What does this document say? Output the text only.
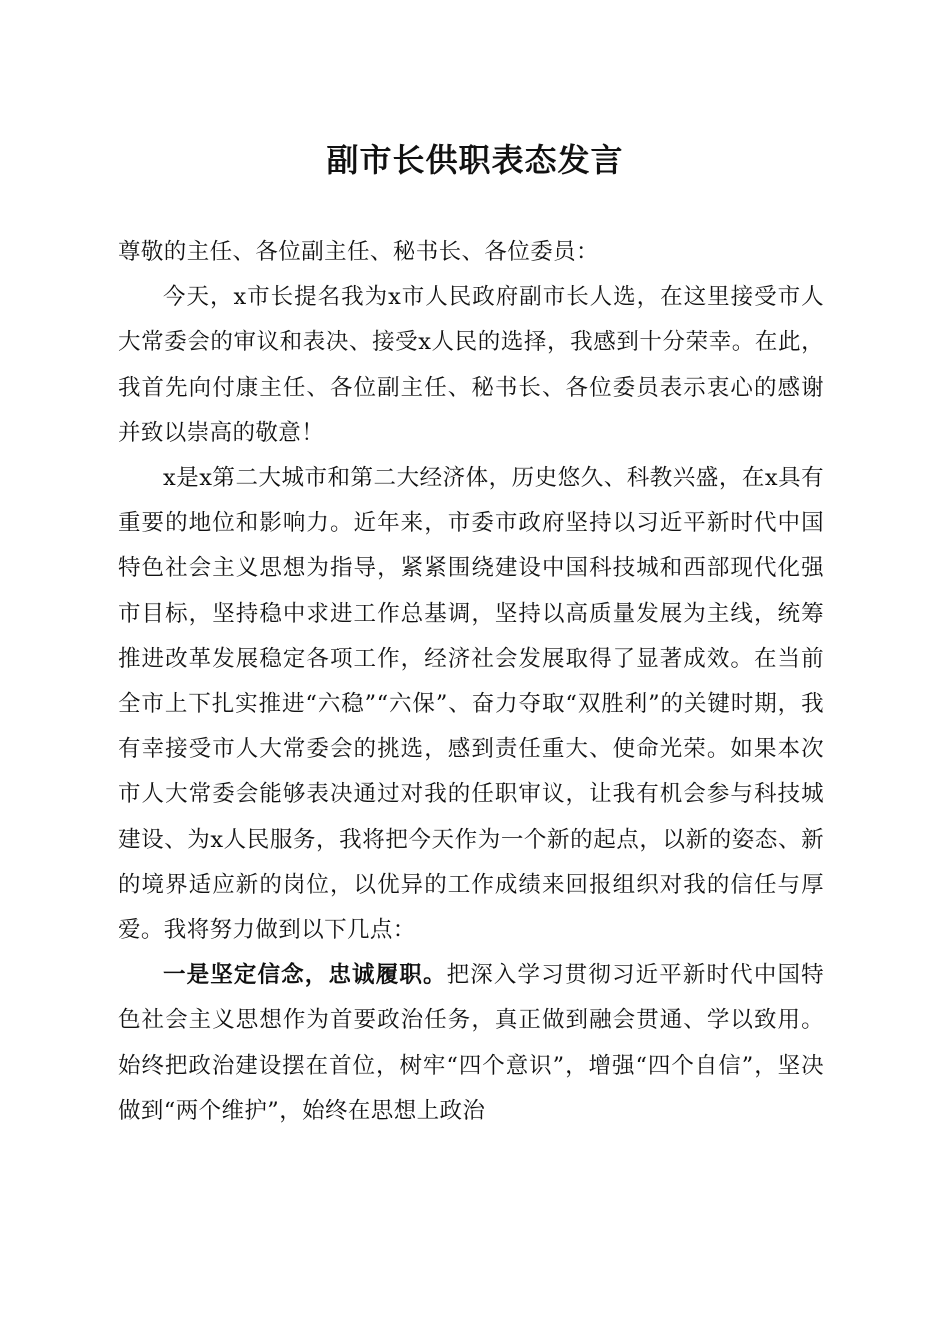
副市长供职表态发言

尊敬的主任、各位副主任、秘书长、各位委员：

今天，x市长提名我为x市人民政府副市长人选，在这里接受市人大常委会的审议和表决、接受x人民的选择，我感到十分荣幸。在此，我首先向付康主任、各位副主任、秘书长、各位委员表示衷心的感谢并致以崇高的敬意！

x是x第二大城市和第二大经济体，历史悠久、科教兴盛，在x具有重要的地位和影响力。近年来，市委市政府坚持以习近平新时代中国特色社会主义思想为指导，紧紧围绕建设中国科技城和西部现代化强市目标，坚持稳中求进工作总基调，坚持以高质量发展为主线，统筹推进改革发展稳定各项工作，经济社会发展取得了显著成效。在当前全市上下扎实推进“六稳”“六保”、奋力夺取“双胜利”的关键时期，我有幸接受市人大常委会的挑选，感到责任重大、使命光荣。如果本次市人大常委会能够表决通过对我的任职审议，让我有机会参与科技城建设、为x人民服务，我将把今天作为一个新的起点，以新的姿态、新的境界适应新的岗位，以优异的工作成绩来回报组织对我的信任与厚爱。我将努力做到以下几点：

一是坚定信念，忠诚履职。把深入学习贯彻习近平新时代中国特色社会主义思想作为首要政治任务，真正做到融会贯通、学以致用。始终把政治建设摆在首位，树牢“四个意识”，增强“四个自信”，坚决做到“两个维护”，始终在思想上政治
